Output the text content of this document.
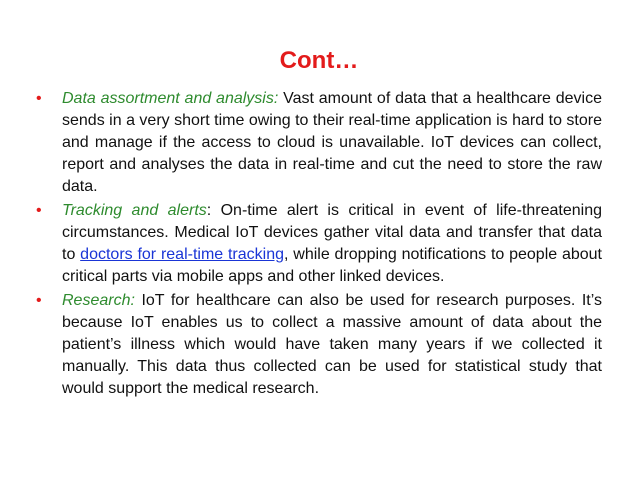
Cont…
• Data assortment and analysis: Vast amount of data that a healthcare device sends in a very short time owing to their real-time application is hard to store and manage if the access to cloud is unavailable. IoT devices can collect, report and analyses the data in real-time and cut the need to store the raw data.
• Tracking and alerts: On-time alert is critical in event of life-threatening circumstances. Medical IoT devices gather vital data and transfer that data to doctors for real-time tracking, while dropping notifications to people about critical parts via mobile apps and other linked devices.
• Research: IoT for healthcare can also be used for research purposes. It’s because IoT enables us to collect a massive amount of data about the patient’s illness which would have taken many years if we collected it manually. This data thus collected can be used for statistical study that would support the medical research.
